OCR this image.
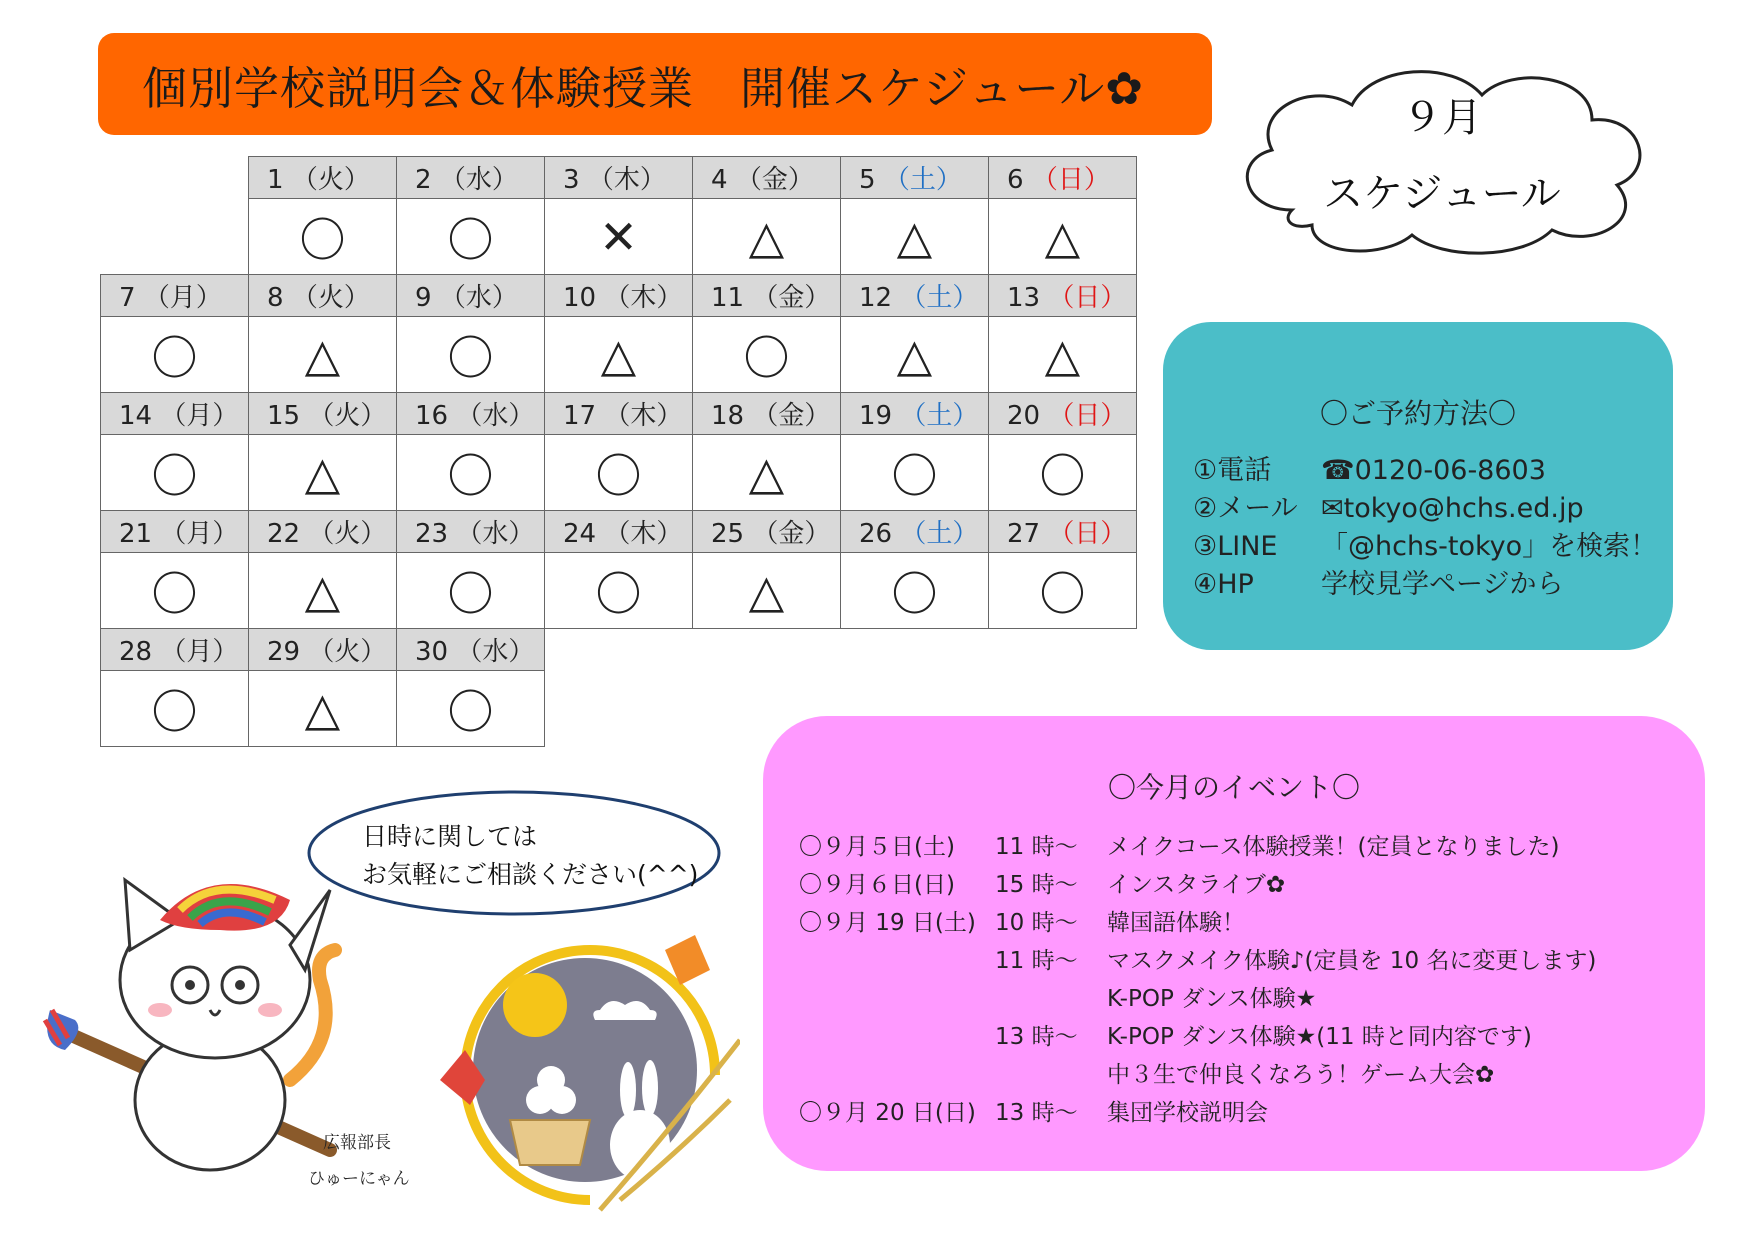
個別学校説明会＆体験授業　開催スケジュール✿
９月
スケジュール
	1 （火）	2 （水）	3 （木）	4 （金）	5 （土）	6 （日）
	〇	〇	✕	△	△	△
7 （月）	8 （火）	9 （水）	10 （木）	11 （金）	12 （土）	13 （日）
〇	△	〇	△	〇	△	△
14 （月）	15 （火）	16 （水）	17 （木）	18 （金）	19 （土）	20 （日）
〇	△	〇	〇	△	〇	〇
21 （月）	22 （火）	23 （水）	24 （木）	25 （金）	26 （土）	27 （日）
〇	△	〇	〇	△	〇	〇
28 （月）	29 （火）	30 （水）				
〇	△	〇				
〇ご予約方法〇
①電話	☎0120-06-8603
②メール ✉tokyo@hchs.ed.jp
③LINE	「@hchs-tokyo」を検索！
④HP	学校見学ページから
〇今月のイベント〇
〇９月５日(土)	11 時～	メイクコース体験授業！(定員となりました)
〇９月６日(日)	15 時～	インスタライブ✿
〇９月 19 日(土) 10 時～	韓国語体験！
11 時～	マスクメイク体験♪(定員を 10 名に変更します)
K-POP ダンス体験★
13 時～	K-POP ダンス体験★(11 時と同内容です)
中３生で仲良くなろう！ゲーム大会✿
〇９月 20 日(日) 13 時～	集団学校説明会
日時に関しては
お気軽にご相談ください(^^)
広報部長
ひゅーにゃん
